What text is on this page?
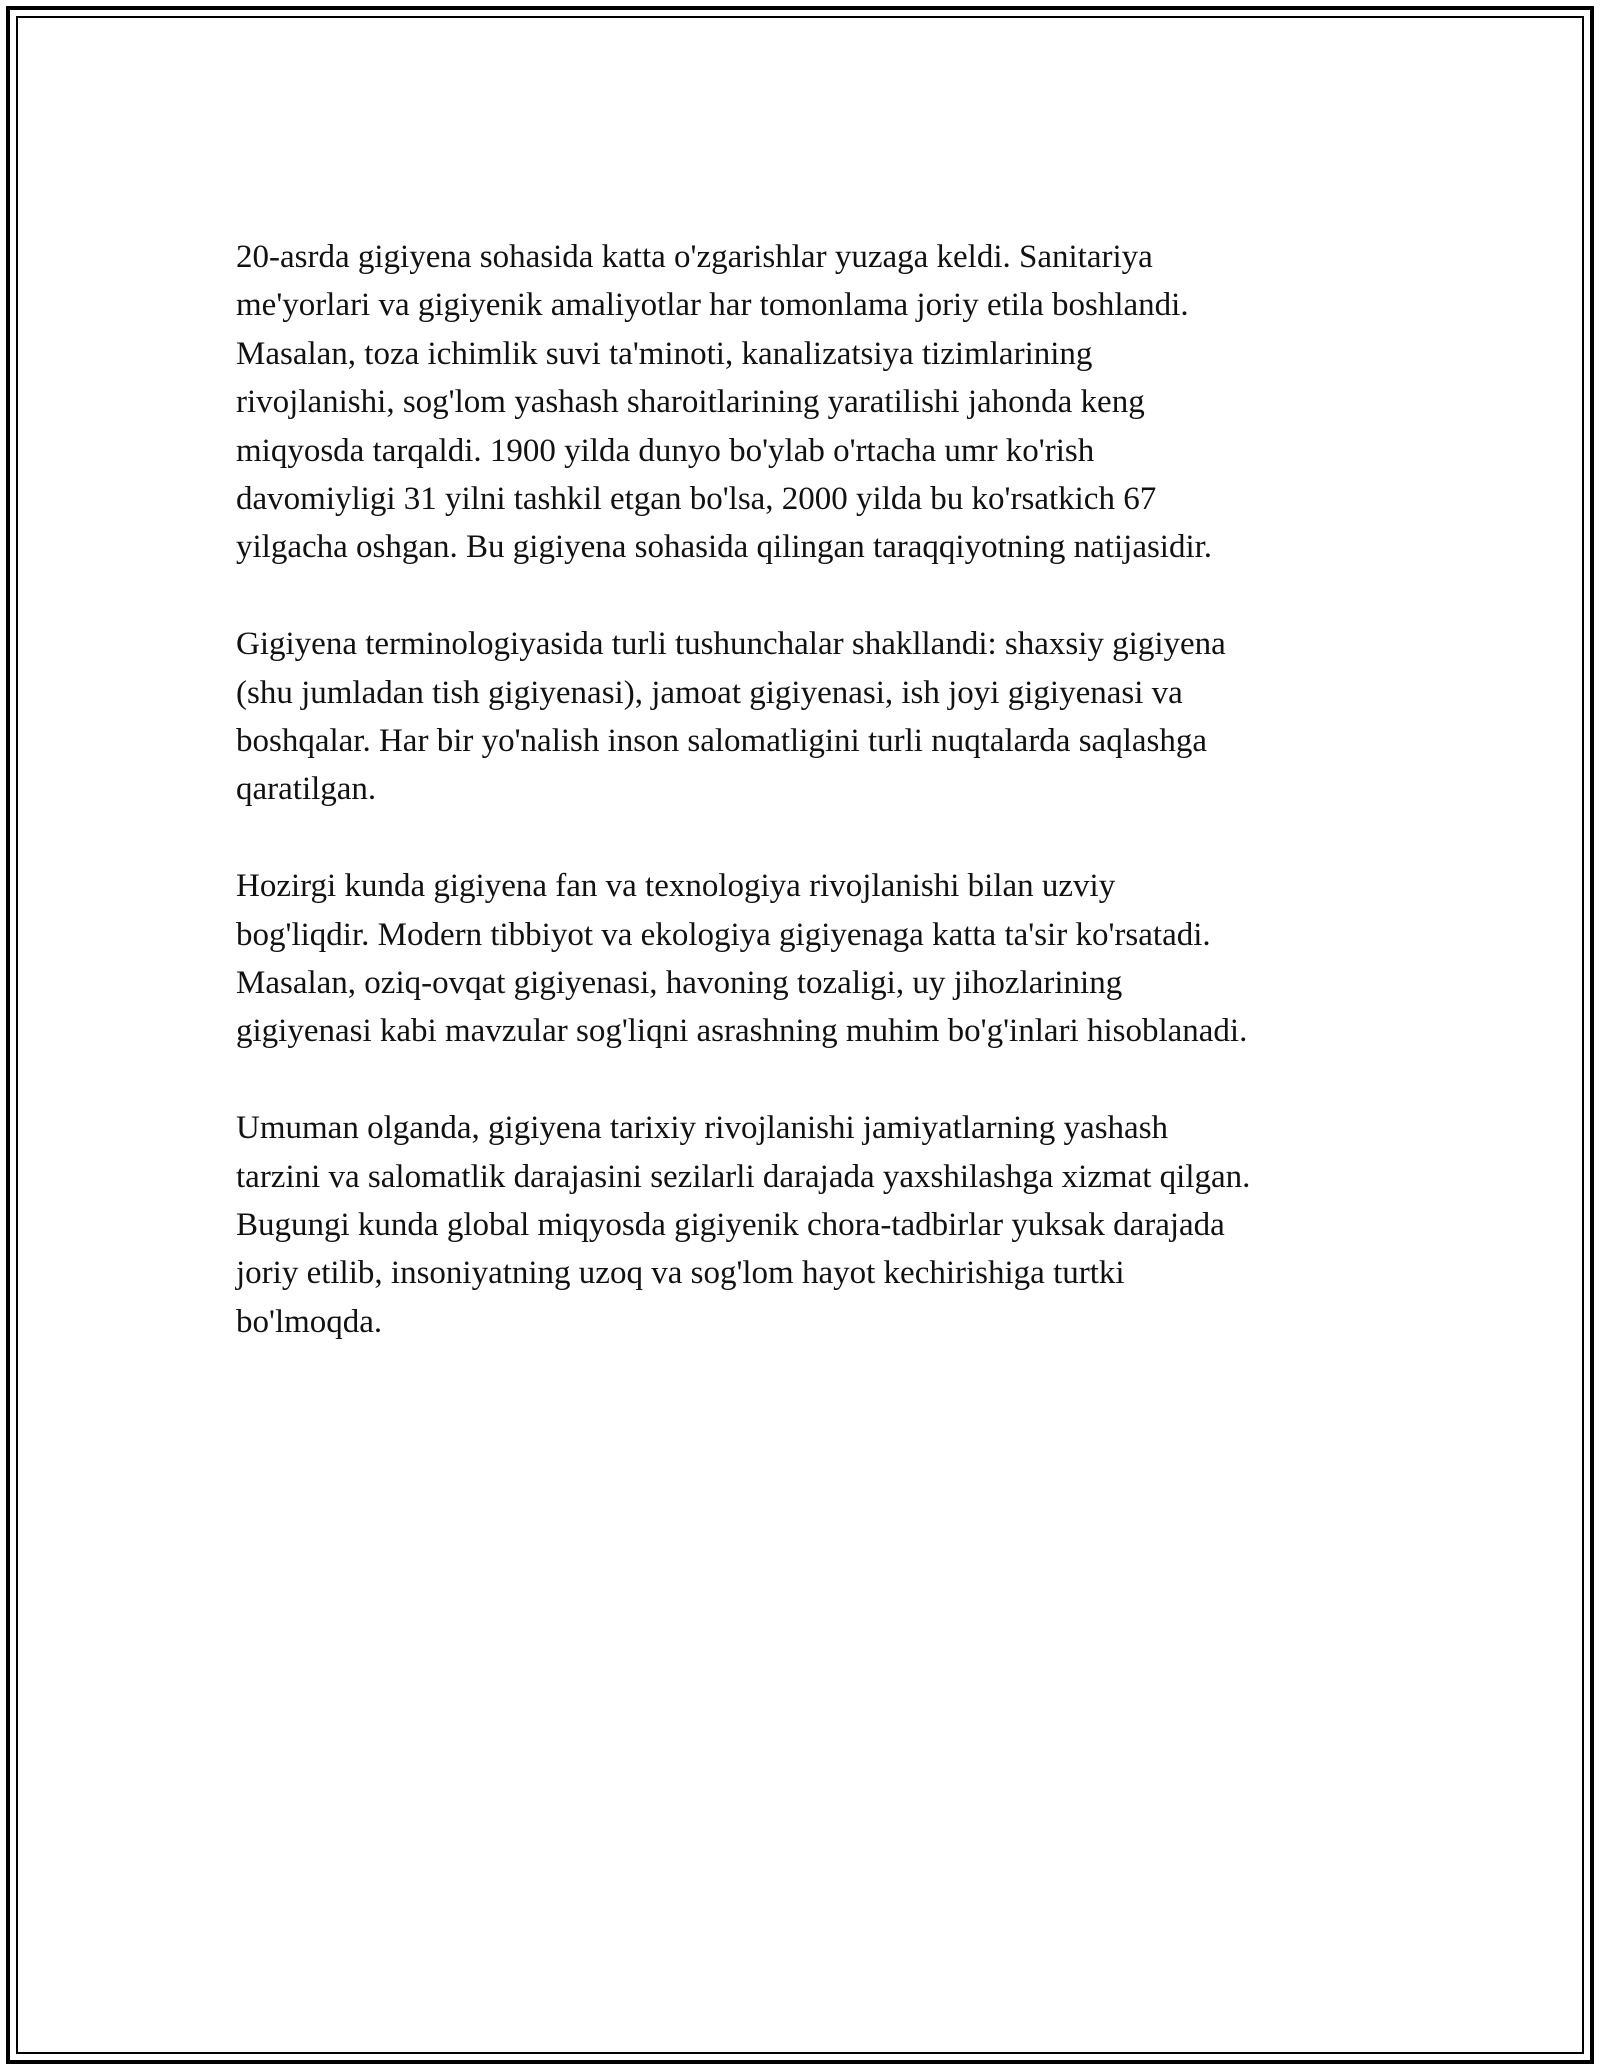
20-asrda gigiyena sohasida katta o'zgarishlar yuzaga keldi. Sanitariya
me'yorlari va gigiyenik amaliyotlar har tomonlama joriy etila boshlandi.
Masalan, toza ichimlik suvi ta'minoti, kanalizatsiya tizimlarining
rivojlanishi, sog'lom yashash sharoitlarining yaratilishi jahonda keng
miqyosda tarqaldi. 1900 yilda dunyo bo'ylab o'rtacha umr ko'rish
davomiyligi 31 yilni tashkil etgan bo'lsa, 2000 yilda bu ko'rsatkich 67
yilgacha oshgan. Bu gigiyena sohasida qilingan taraqqiyotning natijasidir.

Gigiyena terminologiyasida turli tushunchalar shakllandi: shaxsiy gigiyena
(shu jumladan tish gigiyenasi), jamoat gigiyenasi, ish joyi gigiyenasi va
boshqalar. Har bir yo'nalish inson salomatligini turli nuqtalarda saqlashga
qaratilgan.

Hozirgi kunda gigiyena fan va texnologiya rivojlanishi bilan uzviy
bog'liqdir. Modern tibbiyot va ekologiya gigiyenaga katta ta'sir ko'rsatadi.
Masalan, oziq-ovqat gigiyenasi, havoning tozaligi, uy jihozlarining
gigiyenasi kabi mavzular sog'liqni asrashning muhim bo'g'inlari hisoblanadi.

Umuman olganda, gigiyena tarixiy rivojlanishi jamiyatlarning yashash
tarzini va salomatlik darajasini sezilarli darajada yaxshilashga xizmat qilgan.
Bugungi kunda global miqyosda gigiyenik chora-tadbirlar yuksak darajada
joriy etilib, insoniyatning uzoq va sog'lom hayot kechirishiga turtki
bo'lmoqda.
